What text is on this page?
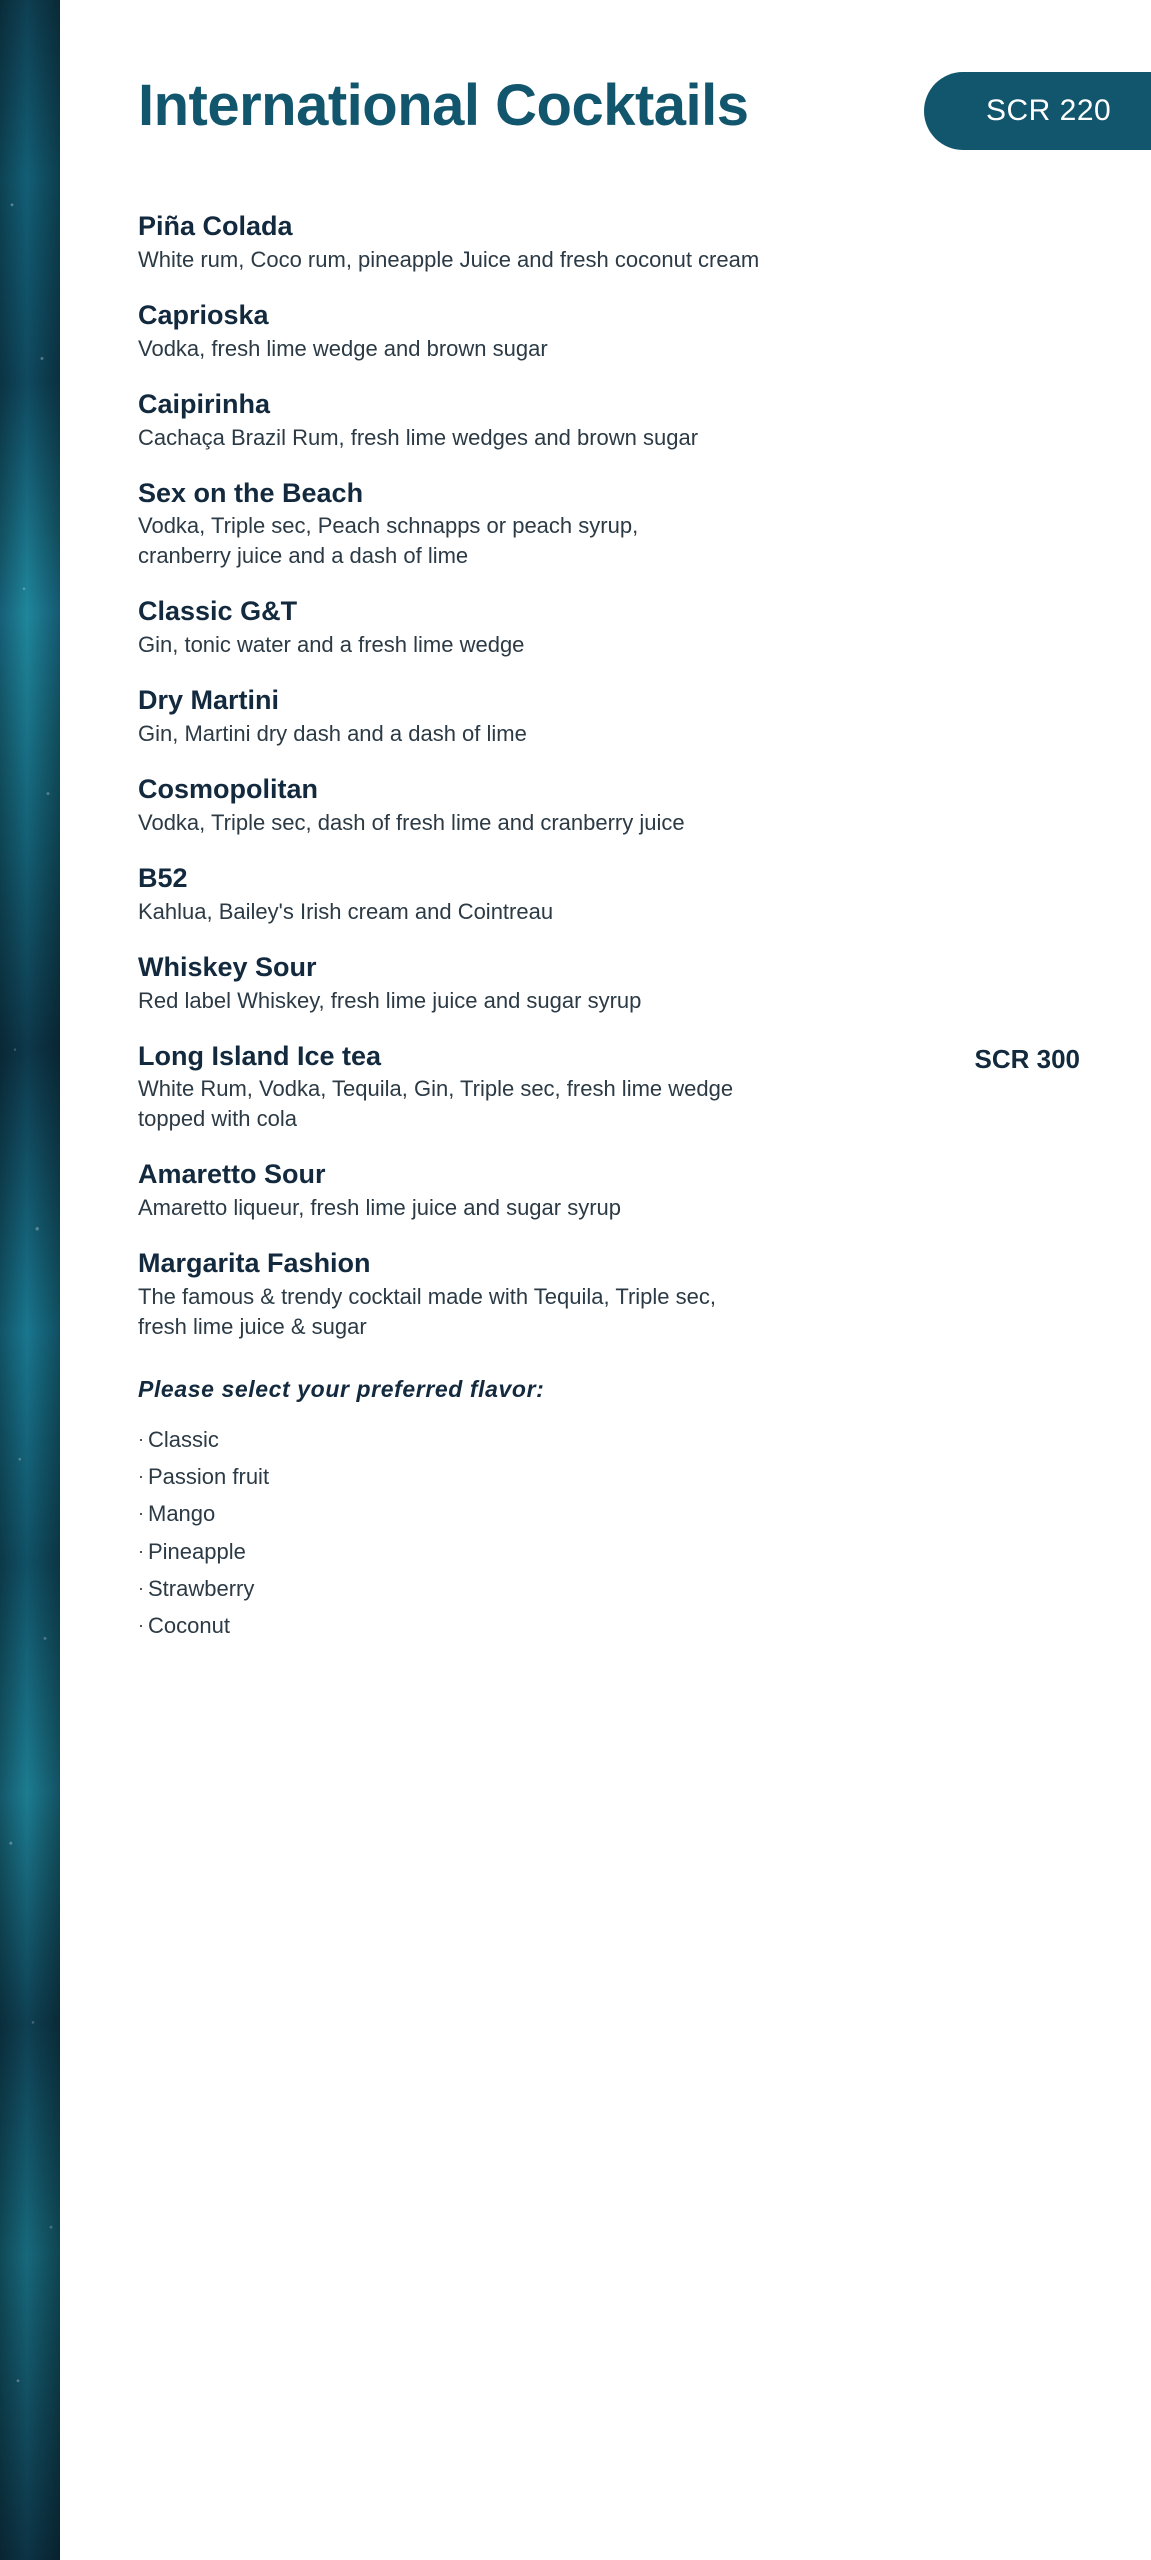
International Cocktails	SCR 220
Piña Colada
White rum, Coco rum, pineapple Juice and fresh coconut cream
Caprioska
Vodka, fresh lime wedge and brown sugar
Caipirinha
Cachaça Brazil Rum, fresh lime wedges and brown sugar
Sex on the Beach
Vodka, Triple sec, Peach schnapps or peach syrup,
cranberry juice and a dash of lime
Classic G&T
Gin, tonic water and a fresh lime wedge
Dry Martini
Gin, Martini dry dash and a dash of lime
Cosmopolitan
Vodka, Triple sec, dash of fresh lime and cranberry juice
B52
Kahlua, Bailey's Irish cream and Cointreau
Whiskey Sour
Red label Whiskey, fresh lime juice and sugar syrup
Long Island Ice tea
White Rum, Vodka, Tequila, Gin, Triple sec, fresh lime wedge
topped with cola
SCR 300
Amaretto Sour
Amaretto liqueur, fresh lime juice and sugar syrup
Margarita Fashion
The famous & trendy cocktail made with Tequila, Triple sec,
fresh lime juice & sugar
Please select your preferred flavor:
· Classic
· Passion fruit
· Mango
· Pineapple
· Strawberry
· Coconut
